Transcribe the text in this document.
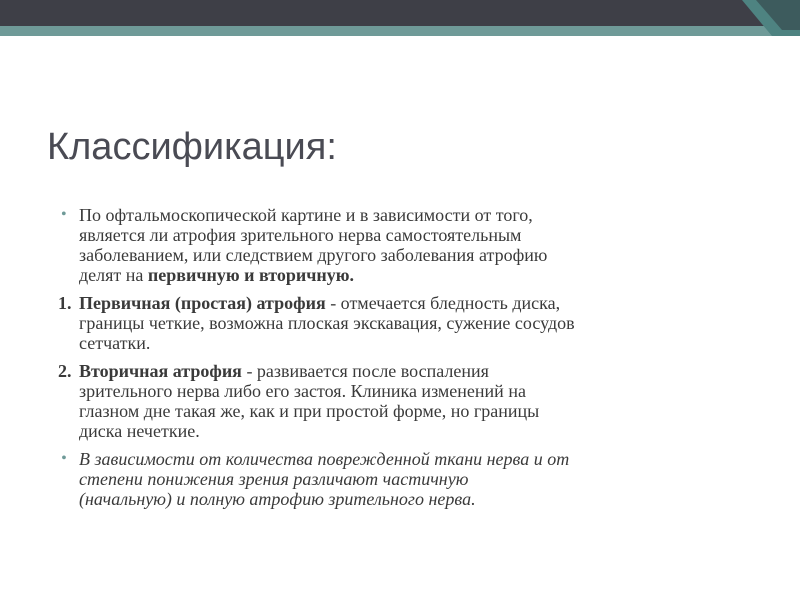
Классификация:
• По офтальмоскопической картине и в зависимости от того,
является ли атрофия зрительного нерва самостоятельным
заболеванием, или следствием другого заболевания атрофию
делят на первичную и вторичную.
1. Первичная (простая) атрофия - отмечается бледность диска,
границы четкие, возможна плоская экскавация, сужение сосудов
сетчатки.
2. Вторичная атрофия - развивается после воспаления
зрительного нерва либо его застоя. Клиника изменений на
глазном дне такая же, как и при простой форме, но границы
диска нечеткие.
• В зависимости от количества поврежденной ткани нерва и от
степени понижения зрения различают частичную
(начальную) и полную атрофию зрительного нерва.
